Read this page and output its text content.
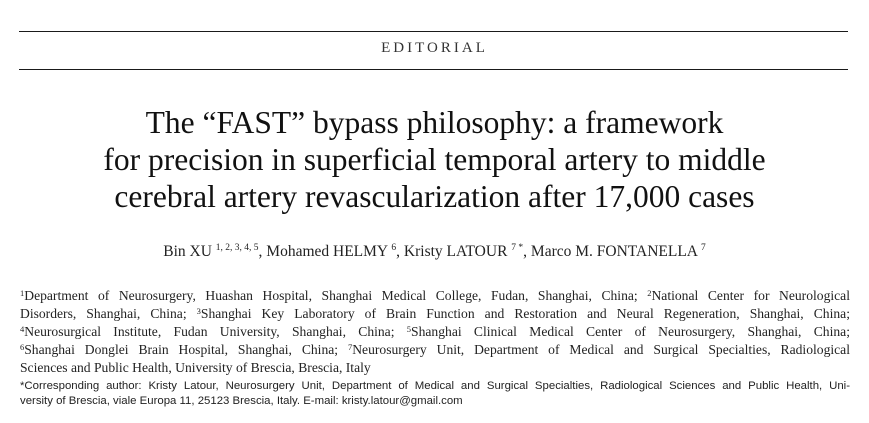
EDITORIAL
The “FAST” bypass philosophy: a framework
for precision in superficial temporal artery to middle
cerebral artery revascularization after 17,000 cases
Bin XU $^{1, 2, 3, 4, 5}$, Mohamed HELMY $^6$, Kristy LATOUR $^{7 *}$, Marco M. FONTANELLA $^7$
$^1$Department of Neurosurgery, Huashan Hospital, Shanghai Medical College, Fudan, Shanghai, China; $^2$National Center for Neurological
Disorders, Shanghai, China; $^3$Shanghai Key Laboratory of Brain Function and Restoration and Neural Regeneration, Shanghai, China;
$^4$Neurosurgical Institute, Fudan University, Shanghai, China; $^5$Shanghai Clinical Medical Center of Neurosurgery, Shanghai, China;
$^6$Shanghai Donglei Brain Hospital, Shanghai, China; $^7$Neurosurgery Unit, Department of Medical and Surgical Specialties, Radiological
Sciences and Public Health, University of Brescia, Brescia, Italy
*Corresponding author: Kristy Latour, Neurosurgery Unit, Department of Medical and Surgical Specialties, Radiological Sciences and Public Health, Uni-
versity of Brescia, viale Europa 11, 25123 Brescia, Italy. E-mail: kristy.latour@gmail.com
